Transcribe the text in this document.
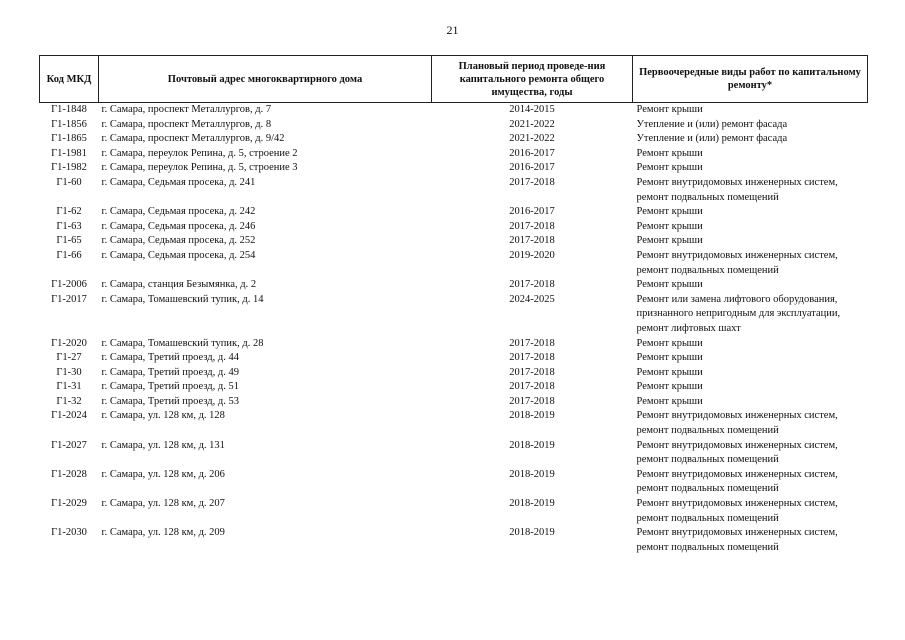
21
Код МКД	Почтовый адрес многоквартирного дома	Плановый период проведе-ния капитального ремонта общего имущества, годы	Первоочередные виды работ по капитальному ремонту*
Г1-1848	г. Самара, проспект Металлургов, д. 7	2014-2015	Ремонт крыши
Г1-1856	г. Самара, проспект Металлургов, д. 8	2021-2022	Утепление и (или) ремонт фасада
Г1-1865	г. Самара, проспект Металлургов, д. 9/42	2021-2022	Утепление и (или) ремонт фасада
Г1-1981	г. Самара, переулок Репина, д. 5, строение 2	2016-2017	Ремонт крыши
Г1-1982	г. Самара, переулок Репина, д. 5, строение 3	2016-2017	Ремонт крыши
Г1-60	г. Самара, Седьмая просека, д. 241	2017-2018	Ремонт внутридомовых инженерных систем, ремонт подвальных помещений
Г1-62	г. Самара, Седьмая просека, д. 242	2016-2017	Ремонт крыши
Г1-63	г. Самара, Седьмая просека, д. 246	2017-2018	Ремонт крыши
Г1-65	г. Самара, Седьмая просека, д. 252	2017-2018	Ремонт крыши
Г1-66	г. Самара, Седьмая просека, д. 254	2019-2020	Ремонт внутридомовых инженерных систем, ремонт подвальных помещений
Г1-2006	г. Самара, станция Безымянка, д. 2	2017-2018	Ремонт крыши
Г1-2017	г. Самара, Томашевский тупик, д. 14	2024-2025	Ремонт или замена лифтового оборудования, признанного непригодным для эксплуатации, ремонт лифтовых шахт
Г1-2020	г. Самара, Томашевский тупик, д. 28	2017-2018	Ремонт крыши
Г1-27	г. Самара, Третий проезд, д. 44	2017-2018	Ремонт крыши
Г1-30	г. Самара, Третий проезд, д. 49	2017-2018	Ремонт крыши
Г1-31	г. Самара, Третий проезд, д. 51	2017-2018	Ремонт крыши
Г1-32	г. Самара, Третий проезд, д. 53	2017-2018	Ремонт крыши
Г1-2024	г. Самара, ул. 128 км, д. 128	2018-2019	Ремонт внутридомовых инженерных систем, ремонт подвальных помещений
Г1-2027	г. Самара, ул. 128 км, д. 131	2018-2019	Ремонт внутридомовых инженерных систем, ремонт подвальных помещений
Г1-2028	г. Самара, ул. 128 км, д. 206	2018-2019	Ремонт внутридомовых инженерных систем, ремонт подвальных помещений
Г1-2029	г. Самара, ул. 128 км, д. 207	2018-2019	Ремонт внутридомовых инженерных систем, ремонт подвальных помещений
Г1-2030	г. Самара, ул. 128 км, д. 209	2018-2019	Ремонт внутридомовых инженерных систем, ремонт подвальных помещений
